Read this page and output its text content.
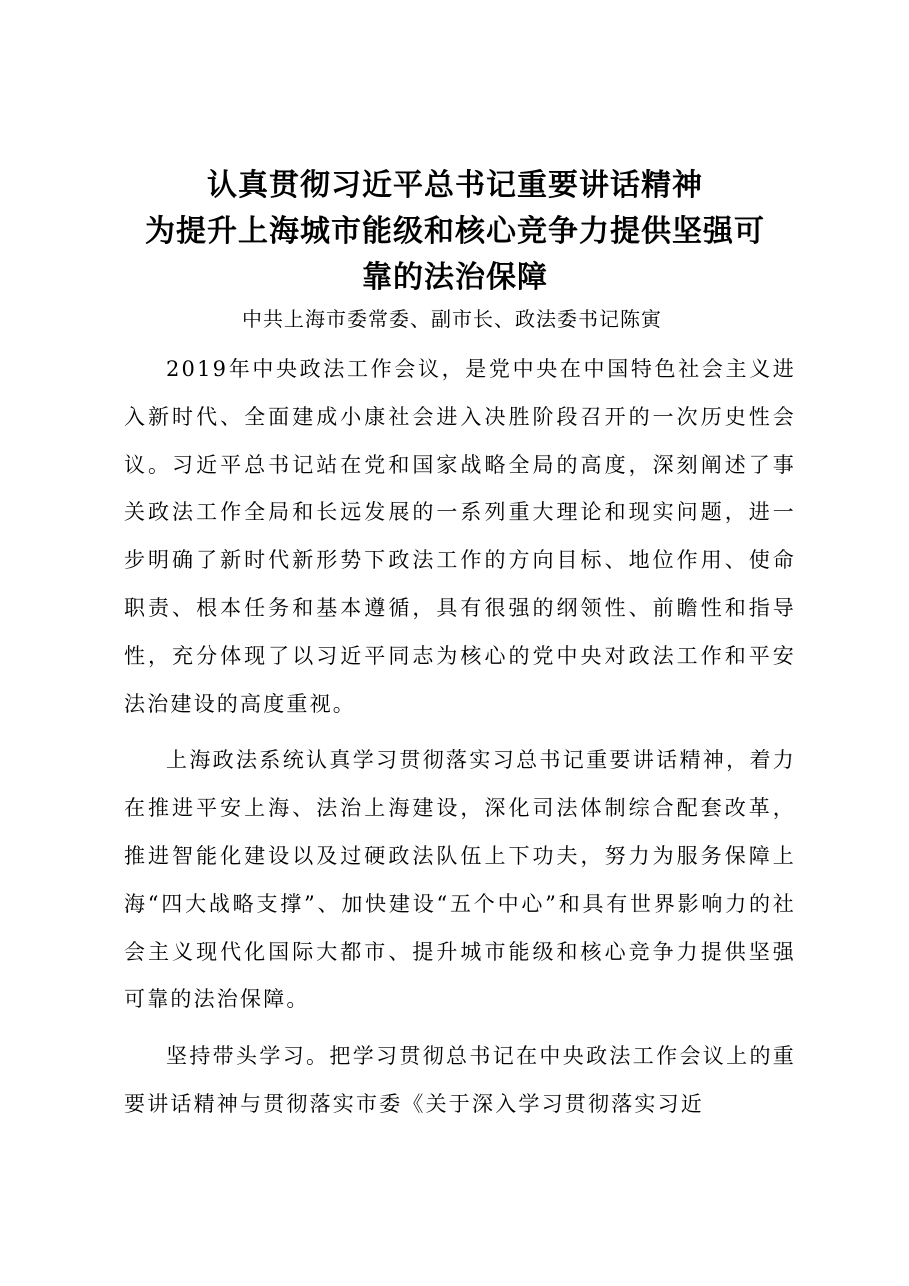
认真贯彻习近平总书记重要讲话精神
为提升上海城市能级和核心竞争力提供坚强可
靠的法治保障
中共上海市委常委、副市长、政法委书记陈寅

2019年中央政法工作会议，是党中央在中国特色社会主义进入新时代、全面建成小康社会进入决胜阶段召开的一次历史性会议。习近平总书记站在党和国家战略全局的高度，深刻阐述了事关政法工作全局和长远发展的一系列重大理论和现实问题，进一步明确了新时代新形势下政法工作的方向目标、地位作用、使命职责、根本任务和基本遵循，具有很强的纲领性、前瞻性和指导性，充分体现了以习近平同志为核心的党中央对政法工作和平安法治建设的高度重视。

上海政法系统认真学习贯彻落实习总书记重要讲话精神，着力在推进平安上海、法治上海建设，深化司法体制综合配套改革，推进智能化建设以及过硬政法队伍上下功夫，努力为服务保障上海“四大战略支撑”、加快建设“五个中心”和具有世界影响力的社会主义现代化国际大都市、提升城市能级和核心竞争力提供坚强可靠的法治保障。

坚持带头学习。把学习贯彻总书记在中央政法工作会议上的重要讲话精神与贯彻落实市委《关于深入学习贯彻落实习近
